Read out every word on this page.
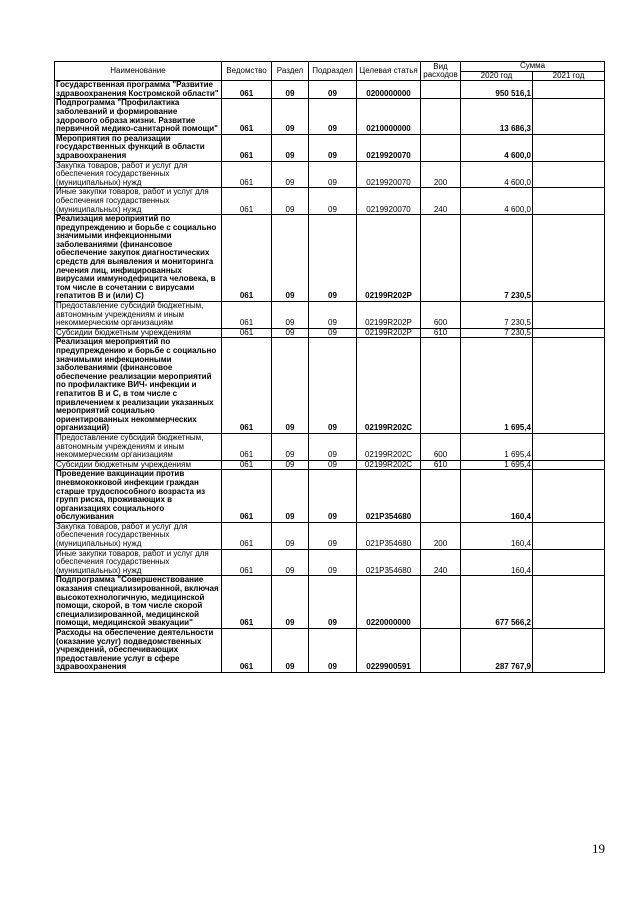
Наименование	Ведомство	Раздел	Подраздел	Целевая статья	Вид расходов	Сумма	
						2020 год	2021 год
Государственная программа "Развитие здравоохранения Костромской области"	061	09	09	0200000000		950 516,1	
Подпрограмма "Профилактика заболеваний и формирование здорового образа жизни. Развитие первичной медико-санитарной помощи"	061	09	09	0210000000		13 686,3	
Мероприятия по реализации государственных функций в области здравоохранения	061	09	09	0219920070		4 600,0	
Закупка товаров, работ и услуг для обеспечения государственных (муниципальных) нужд	061	09	09	0219920070	200	4 600,0	
Иные закупки товаров, работ и услуг для обеспечения государственных (муниципальных) нужд	061	09	09	0219920070	240	4 600,0	
Реализация мероприятий по предупреждению и борьбе с социально значимыми инфекционными заболеваниями (финансовое обеспечение закупок диагностических средств для выявления и мониторинга лечения лиц, инфицированных вирусами иммунодефицита человека, в том числе в сочетании с вирусами гепатитов В и (или) С)	061	09	09	02199R202P		7 230,5	
Предоставление субсидий бюджетным, автономным учреждениям и иным некоммерческим организациям	061	09	09	02199R202P	600	7 230,5	
Субсидии бюджетным учреждениям	061	09	09	02199R202P	610	7 230,5	
Реализация мероприятий по предупреждению и борьбе с социально значимыми инфекционными заболеваниями (финансовое обеспечение реализации мероприятий по профилактике ВИЧ- инфекции и гепатитов В и С, в том числе с привлечением к реализации указанных мероприятий социально ориентированных некоммерческих организаций)	061	09	09	02199R202C		1 695,4	
Предоставление субсидий бюджетным, автономным учреждениям и иным некоммерческим организациям	061	09	09	02199R202C	600	1 695,4	
Субсидии бюджетным учреждениям	061	09	09	02199R202C	610	1 695,4	
Проведение вакцинации против пневмококковой инфекции граждан старше трудоспособного возраста из групп риска, проживающих в организациях социального обслуживания	061	09	09	021P354680		160,4	
Закупка товаров, работ и услуг для обеспечения государственных (муниципальных) нужд	061	09	09	021P354680	200	160,4	
Иные закупки товаров, работ и услуг для обеспечения государственных (муниципальных) нужд	061	09	09	021P354680	240	160,4	
Подпрограмма "Совершенствование оказания специализированной, включая высокотехнологичную, медицинской помощи, скорой, в том числе скорой специализированной, медицинской помощи, медицинской эвакуации"	061	09	09	0220000000		677 566,2	
Расходы на обеспечение деятельности (оказание услуг) подведомственных учреждений, обеспечивающих предоставление услуг в сфере здравоохранения	061	09	09	0229900591		287 767,9	
19
